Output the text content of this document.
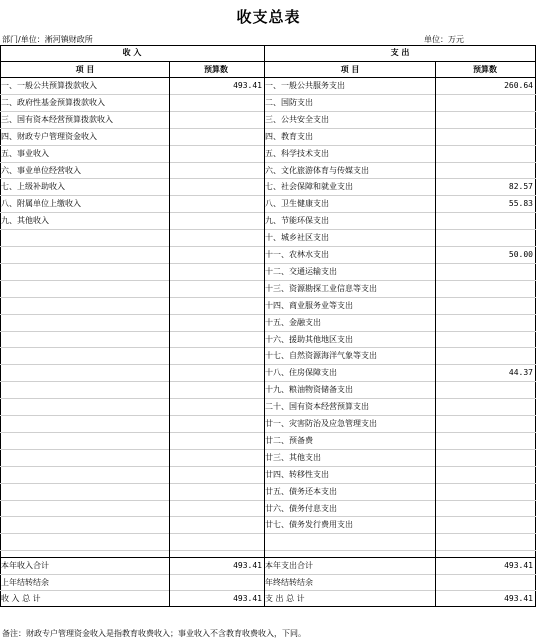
收支总表
部门/单位：淅河镇财政所	单位：万元
收 入	支 出
项 目	预算数	项 目	预算数
一、一般公共预算拨款收入	493.41 一、一般公共服务支出	260.64
二、政府性基金预算拨款收入	二、国防支出
三、国有资本经营预算拨款收入	三、公共安全支出
四、财政专户管理资金收入	四、教育支出
五、事业收入	五、科学技术支出
六、事业单位经营收入	六、文化旅游体育与传媒支出
七、上级补助收入	七、社会保障和就业支出	82.57
八、附属单位上缴收入	八、卫生健康支出	55.83
九、其他收入	九、节能环保支出
十、城乡社区支出
十一、农林水支出	50.00
十二、交通运输支出
十三、资源勘探工业信息等支出
十四、商业服务业等支出
十五、金融支出
十六、援助其他地区支出
十七、自然资源海洋气象等支出
十八、住房保障支出	44.37
十九、粮油物资储备支出
二十、国有资本经营预算支出
廿一、灾害防治及应急管理支出
廿二、预备费
廿三、其他支出
廿四、转移性支出
廿五、债务还本支出
廿六、债务付息支出
廿七、债务发行费用支出
本年收入合计	493.41 本年支出合计	493.41
上年结转结余	年终结转结余
收 入 总 计	493.41 支 出 总 计	493.41
备注：财政专户管理资金收入是指教育收费收入；事业收入不含教育收费收入，下同。
